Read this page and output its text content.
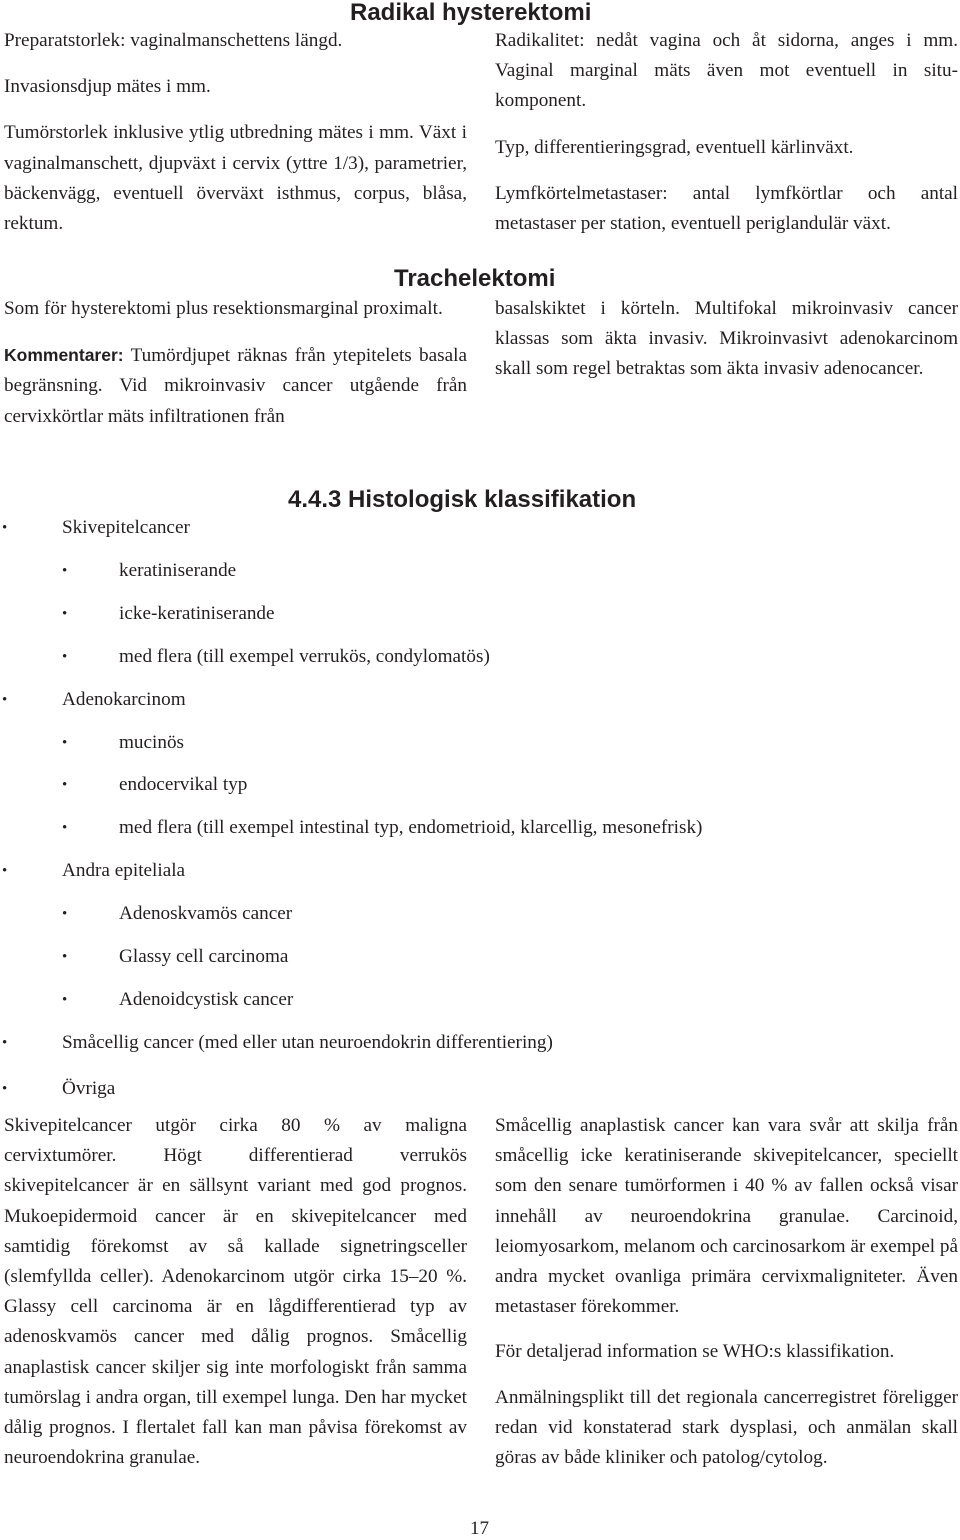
Radikal hysterektomi

Preparatstorlek: vaginalmanschettens längd.

Invasionsdjup mätes i mm.

Tumörstorlek inklusive ytlig utbredning mätes i mm. Växt i vaginalmanschett, djupväxt i cervix (yttre 1/3), parametrier, bäckenvägg, eventuell överväxt isthmus, corpus, blåsa, rektum.

Radikalitet: nedåt vagina och åt sidorna, anges i mm. Vaginal marginal mäts även mot eventuell in situ-komponent.

Typ, differentieringsgrad, eventuell kärlinväxt.

Lymfkörtelmetastaser: antal lymfkörtlar och antal metastaser per station, eventuell periglandulär växt.

Trachelektomi

Som för hysterektomi plus resektionsmarginal proximalt.

Kommentarer: Tumördjupet räknas från ytepitelets basala begränsning. Vid mikroinvasiv cancer utgående från cervixkörtlar mäts infiltrationen från

basalskiktet i körteln. Multifokal mikroinvasiv cancer klassas som äkta invasiv. Mikroinvasivt adenokarcinom skall som regel betraktas som äkta invasiv adenocancer.

4.4.3 Histologisk klassifikation
•	Skivepitelcancer
•	keratiniserande
•	icke-keratiniserande
•	med flera (till exempel verrukös, condylomatös)
•	Adenokarcinom
•	mucinös
•	endocervikal typ
•	med flera (till exempel intestinal typ, endometrioid, klarcellig, mesonefrisk)
•	Andra epiteliala
•	Adenoskvamös cancer
•	Glassy cell carcinoma
•	Adenoidcystisk cancer
•	Småcellig cancer (med eller utan neuroendokrin differentiering)
•	Övriga

Skivepitelcancer utgör cirka 80 % av maligna cervixtumörer. Högt differentierad verrukös skivepitelcancer är en sällsynt variant med god prognos. Mukoepidermoid cancer är en skivepitelcancer med samtidig förekomst av så kallade signetringsceller (slemfyllda celler). Adenokarcinom utgör cirka 15–20 %. Glassy cell carcinoma är en lågdifferentierad typ av adenoskvamös cancer med dålig prognos. Småcellig anaplastisk cancer skiljer sig inte morfologiskt från samma tumörslag i andra organ, till exempel lunga. Den har mycket dålig prognos. I flertalet fall kan man påvisa förekomst av neuroendokrina granulae.

Småcellig anaplastisk cancer kan vara svår att skilja från småcellig icke keratiniserande skivepitelcancer, speciellt som den senare tumörformen i 40 % av fallen också visar innehåll av neuroendokrina granulae. Carcinoid, leiomyosarkom, melanom och carcinosarkom är exempel på andra mycket ovanliga primära cervixmaligniteter. Även metastaser förekommer.

För detaljerad information se WHO:s klassifikation.

Anmälningsplikt till det regionala cancerregistret föreligger redan vid konstaterad stark dysplasi, och anmälan skall göras av både kliniker och patolog/cytolog.

17
